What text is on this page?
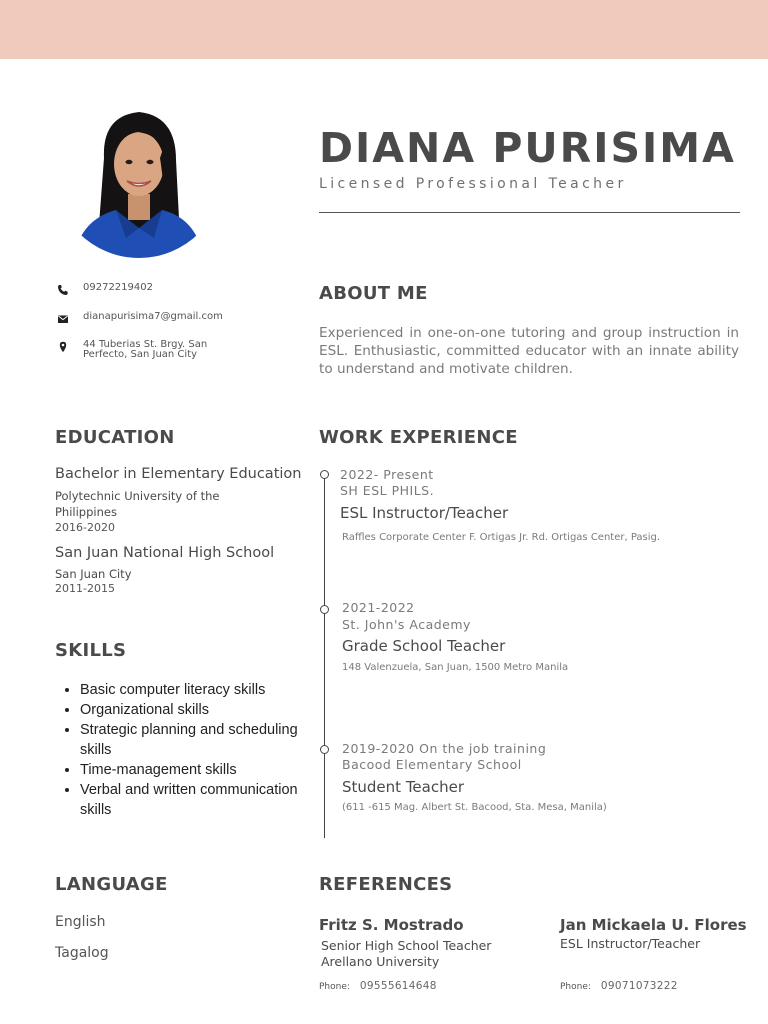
DIANA PURISIMA
Licensed Professional Teacher
09272219402
dianapurisima7@gmail.com
44 Tuberias St. Brgy. San Perfecto, San Juan City
ABOUT ME
Experienced in one-on-one tutoring and group instruction in ESL. Enthusiastic, committed educator with an innate ability to understand and motivate children.
EDUCATION
Bachelor in Elementary Education
Polytechnic University of the Philippines
2016-2020
San Juan National High School
San Juan City
2011-2015
SKILLS
• Basic computer literacy skills
• Organizational skills
• Strategic planning and scheduling skills
• Time-management skills
• Verbal and written communication skills
WORK EXPERIENCE
2022- Present
SH ESL PHILS.
ESL Instructor/Teacher
Raffles Corporate Center F. Ortigas Jr. Rd. Ortigas Center, Pasig.
2021-2022
St. John's Academy
Grade School Teacher
148 Valenzuela, San Juan, 1500 Metro Manila
2019-2020 On the job training
Bacood Elementary School
Student Teacher
(611 -615 Mag. Albert St. Bacood, Sta. Mesa, Manila)
LANGUAGE
English
Tagalog
REFERENCES
Fritz S. Mostrado
Senior High School Teacher
Arellano University
Phone: 09555614648
Jan Mickaela U. Flores
ESL Instructor/Teacher
Phone: 09071073222
